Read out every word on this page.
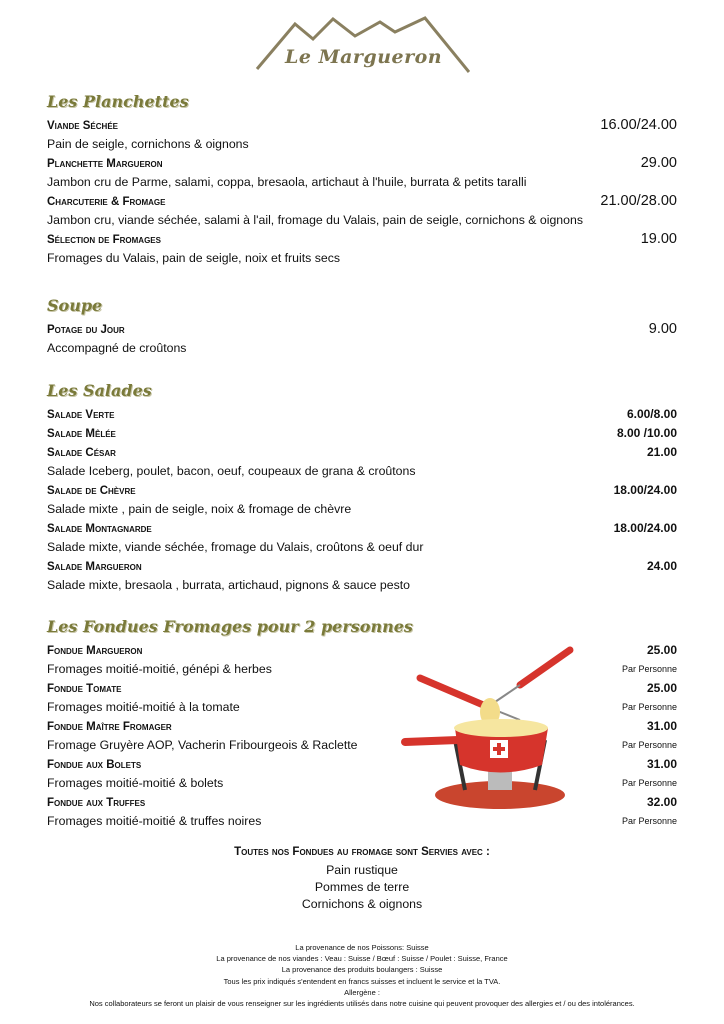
Le Margueron
Les Planchettes
Viande Séchée	16.00/24.00
Pain de seigle, cornichons & oignons
Planchette Margueron	29.00
Jambon cru de Parme, salami, coppa, bresaola, artichaut à l'huile, burrata & petits taralli
Charcuterie & Fromage	21.00/28.00
Jambon cru, viande séchée, salami à l'ail, fromage du Valais, pain de seigle, cornichons & oignons
Sélection de Fromages	19.00
Fromages du Valais, pain de seigle, noix et fruits secs
Soupe
Potage du Jour	9.00
Accompagné de croûtons
Les Salades
Salade Verte	6.00/8.00
Salade Mêlée	8.00 /10.00
Salade César	21.00
Salade Iceberg, poulet, bacon, oeuf, coupeaux de grana & croûtons
Salade de Chèvre	18.00/24.00
Salade mixte , pain de seigle, noix & fromage de chèvre
Salade Montagnarde	18.00/24.00
Salade mixte, viande séchée, fromage du Valais, croûtons & oeuf dur
Salade Margueron	24.00
Salade mixte, bresaola , burrata, artichaud, pignons & sauce pesto
Les Fondues Fromages pour 2 personnes
Fondue Margueron	25.00
Fromages moitié-moitié, génépi & herbes	Par Personne
Fondue Tomate	25.00
Fromages moitié-moitié à la tomate	Par Personne
Fondue Maître Fromager	31.00
Fromage Gruyère AOP, Vacherin Fribourgeois & Raclette	Par Personne
Fondue aux Bolets	31.00
Fromages moitié-moitié & bolets	Par Personne
Fondue aux Truffes	32.00
Fromages moitié-moitié & truffes noires	Par Personne
Toutes nos Fondues au fromage sont Servies avec :
Pain rustique
Pommes de terre
Cornichons & oignons
La provenance de nos Poissons: Suisse
La provenance de nos viandes : Veau : Suisse / Bœuf : Suisse / Poulet : Suisse, France
La provenance des produits boulangers : Suisse
Tous les prix indiqués s'entendent en francs suisses et incluent le service et la TVA.
Allergène :
Nos collaborateurs se feront un plaisir de vous renseigner sur les ingrédients utilisés dans notre cuisine qui peuvent provoquer des allergies et / ou des intolérances.
